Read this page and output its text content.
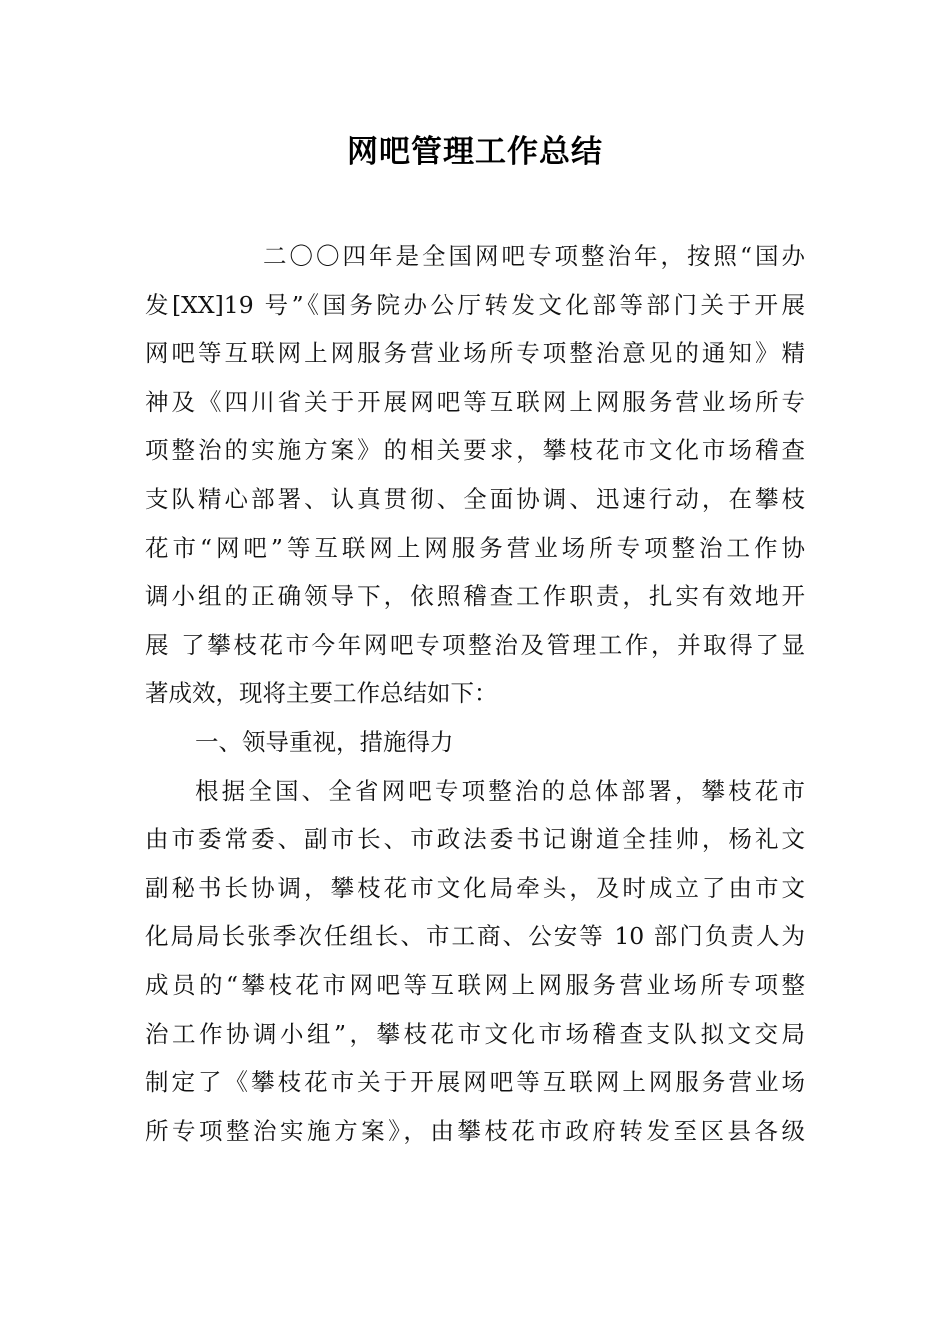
网吧管理工作总结
二〇〇四年是全国网吧专项整治年，按照“国办
发[XX]19 号”《国务院办公厅转发文化部等部门关于开展
网吧等互联网上网服务营业场所专项整治意见的通知》精
神及《四川省关于开展网吧等互联网上网服务营业场所专
项整治的实施方案》的相关要求，攀枝花市文化市场稽查
支队精心部署、认真贯彻、全面协调、迅速行动，在攀枝
花市“网吧”等互联网上网服务营业场所专项整治工作协
调小组的正确领导下，依照稽查工作职责，扎实有效地开
展 了攀枝花市今年网吧专项整治及管理工作，并取得了显
著成效，现将主要工作总结如下：
一、领导重视，措施得力
根据全国、全省网吧专项整治的总体部署，攀枝花市
由市委常委、副市长、市政法委书记谢道全挂帅，杨礼文
副秘书长协调，攀枝花市文化局牵头，及时成立了由市文
化局局长张季次任组长、市工商、公安等 10 部门负责人为
成员的“攀枝花市网吧等互联网上网服务营业场所专项整
治工作协调小组”，攀枝花市文化市场稽查支队拟文交局
制定了《攀枝花市关于开展网吧等互联网上网服务营业场
所专项整治实施方案》，由攀枝花市政府转发至区县各级
